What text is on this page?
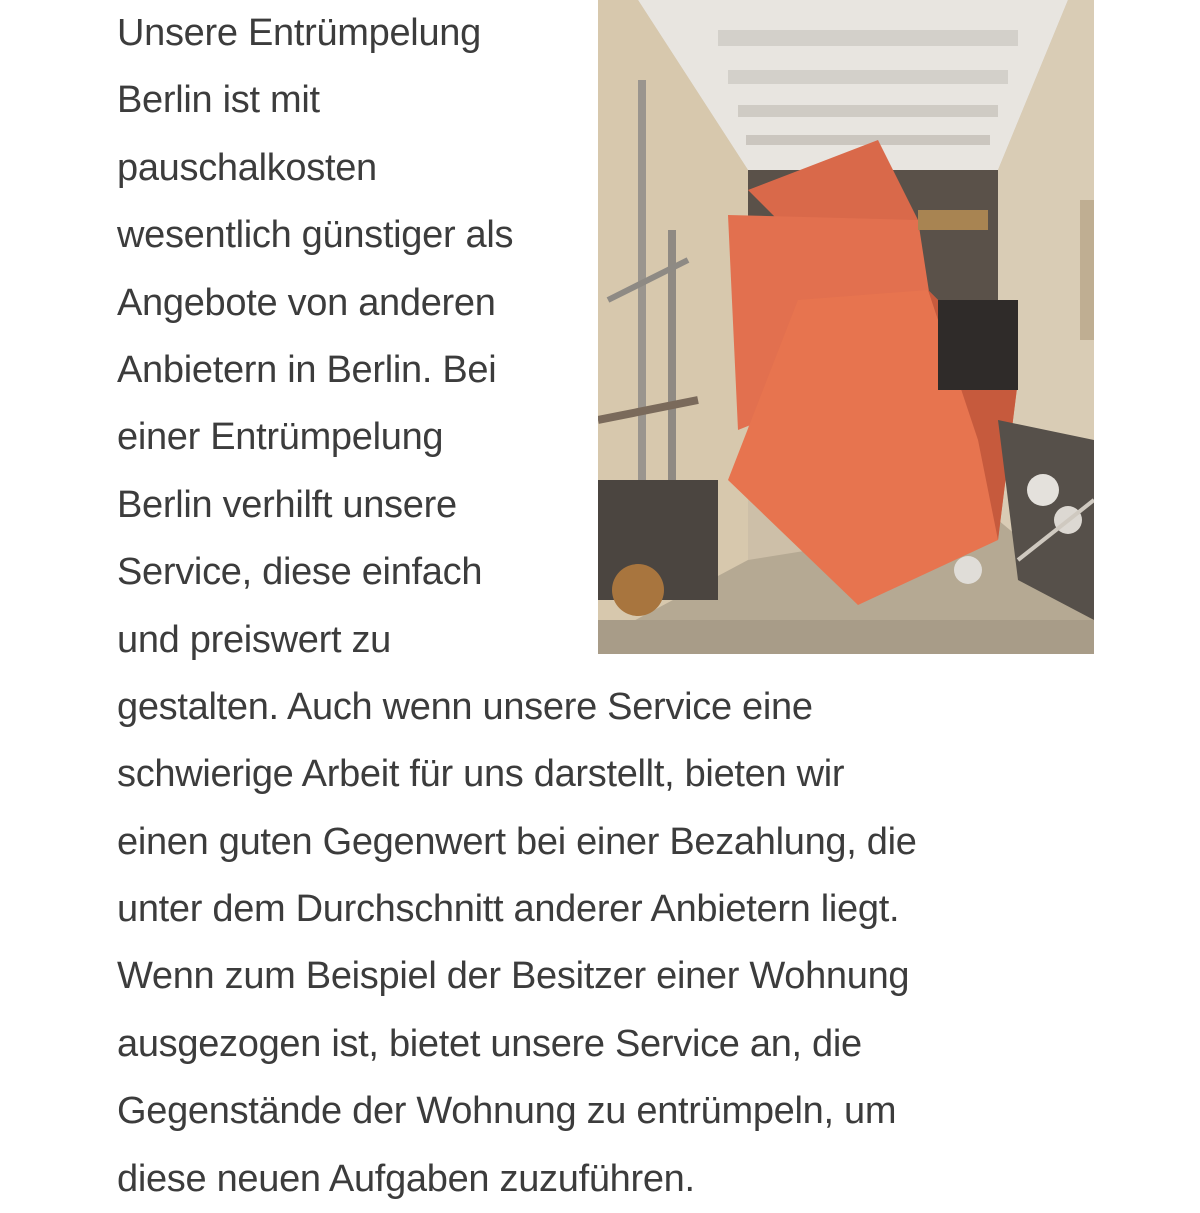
Unsere Entrümpelung
Berlin ist mit
pauschalkosten
wesentlich günstiger als
Angebote von anderen
Anbietern in Berlin. Bei
einer Entrümpelung
Berlin verhilft unsere
Service, diese einfach
und preiswert zu
gestalten. Auch wenn unsere Service eine
schwierige Arbeit für uns darstellt, bieten wir
einen guten Gegenwert bei einer Bezahlung, die
unter dem Durchschnitt anderer Anbietern liegt.
Wenn zum Beispiel der Besitzer einer Wohnung
ausgezogen ist, bietet unsere Service an, die
Gegenstände der Wohnung zu entrümpeln, um
diese neuen Aufgaben zuzuführen.
